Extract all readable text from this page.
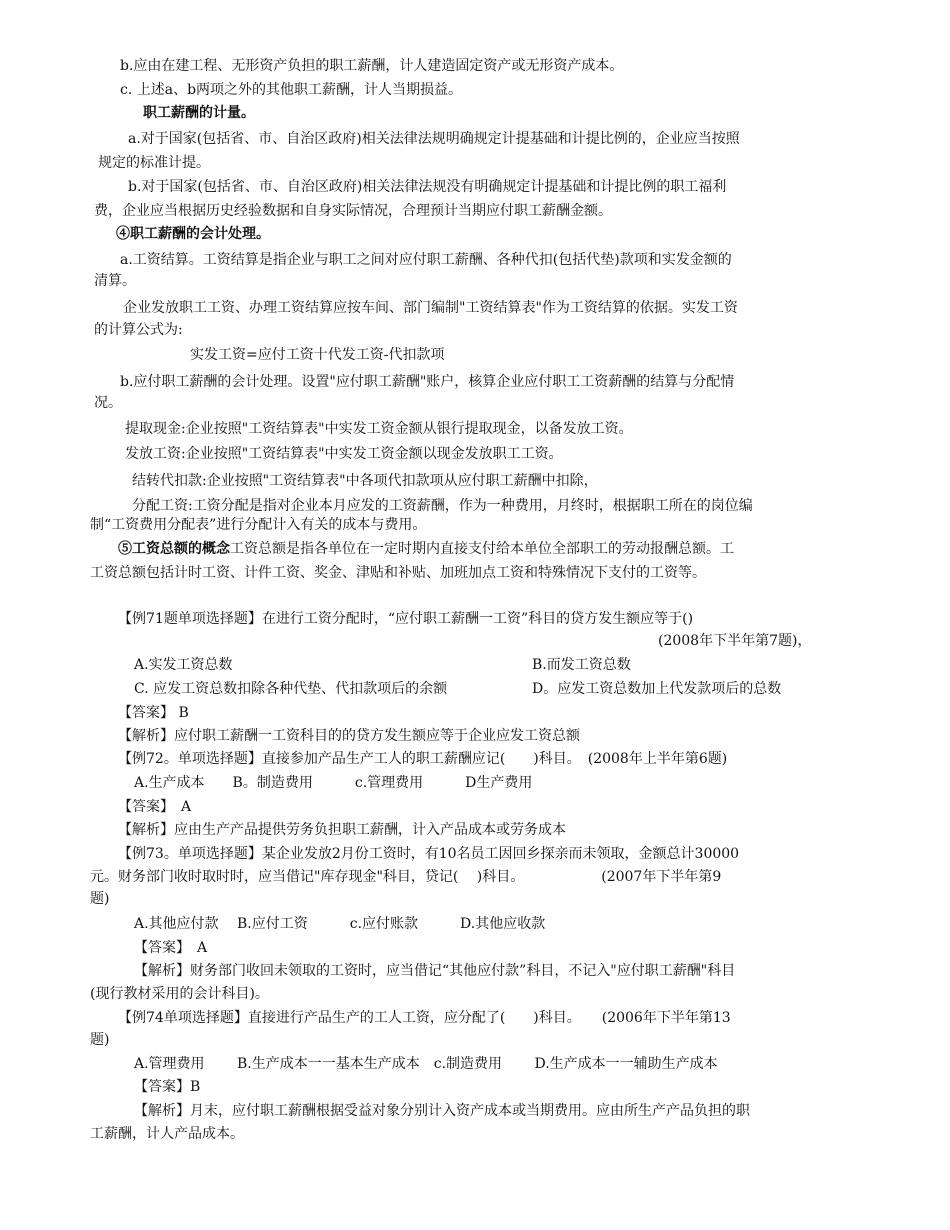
b.应由在建工程、无形资产负担的职工薪酬，计人建造固定资产或无形资产成本。
c. 上述a、b两项之外的其他职工薪酬，计人当期损益。
职工薪酬的计量。
a.对于国家(包括省、市、自治区政府)相关法律法规明确规定计提基础和计提比例的，企业应当按照
规定的标准计提。
b.对于国家(包括省、市、自治区政府)相关法律法规没有明确规定计提基础和计提比例的职工福利
费，企业应当根据历史经验数据和自身实际情况，合理预计当期应付职工薪酬金额。
④职工薪酬的会计处理。
a.工资结算。工资结算是指企业与职工之间对应付职工薪酬、各种代扣(包括代垫)款项和实发金额的
清算。
企业发放职工工资、办理工资结算应按车间、部门编制"工资结算表"作为工资结算的依据。实发工资
的计算公式为:
实发工资=应付工资十代发工资-代扣款项
b.应付职工薪酬的会计处理。设置"应付职工薪酬"账户，核算企业应付职工工资薪酬的结算与分配情
况。
提取现金:企业按照"工资结算表"中实发工资金额从银行提取现金，以备发放工资。
发放工资:企业按照"工资结算表"中实发工资金额以现金发放职工工资。
结转代扣款:企业按照"工资结算表"中各项代扣款项从应付职工薪酬中扣除，
分配工资:工资分配是指对企业本月应发的工资薪酬，作为一种费用，月终时，根据职工所在的岗位编
制“工资费用分配表”进行分配计入有关的成本与费用。
工资总额包括计时工资、计件工资、奖金、津贴和补贴、加班加点工资和特殊情况下支付的工资等。
【例71题单项选择题】在进行工资分配时，“应付职工薪酬一工资”科目的贷方发生额应等于()
(2008年下半年第7题)，
A.实发工资总数	B.而发工资总数
C. 应发工资总数扣除各种代垫、代扣款项后的余额	D。应发工资总数加上代发款项后的总数
【答案】 B
【解析】应付职工薪酬一工资科目的的贷方发生额应等于企业应发工资总额
【例72。单项选择题】直接参加产品生产工人的职工薪酬应记(　　)科目。　(2008年上半年第6题)
A.生产成本　　B。制造费用　　　c.管理费用　　　D生产费用
【答案】　A
【解析】应由生产产品提供劳务负担职工薪酬，计入产品成本或劳务成本
【例73。单项选择题】某企业发放2月份工资时，有10名员工因回乡探亲而未领取，金额总计30000
元。财务部门收时取时时，应当借记"库存现金"科目，贷记(　 )科目。　　　　　　(2007年下半年第9
题)
A.其他应付款　 B.应付工资　　　c.应付账款　　　D.其他应收款
【答案】　A
【解析】财务部门收回未领取的工资时，应当借记“其他应付款”科目，不记入"应付职工薪酬"科目
(现行教材采用的会计科目)。
【例74单项选择题】直接进行产品生产的工人工资，应分配了(　　)科目。　　(2006年下半年第13
题)
A.管理费用　　 B.生产成本一一基本生产成本　c.制造费用　　 D.生产成本一一辅助生产成本
【答案】B
【解析】月末，应付职工薪酬根据受益对象分别计入资产成本或当期费用。应由所生产产品负担的职
工薪酬，计人产品成本。
⑤工资总额的概念工资总额是指各单位在一定时期内直接支付给本单位全部职工的劳动报酬总额。工
